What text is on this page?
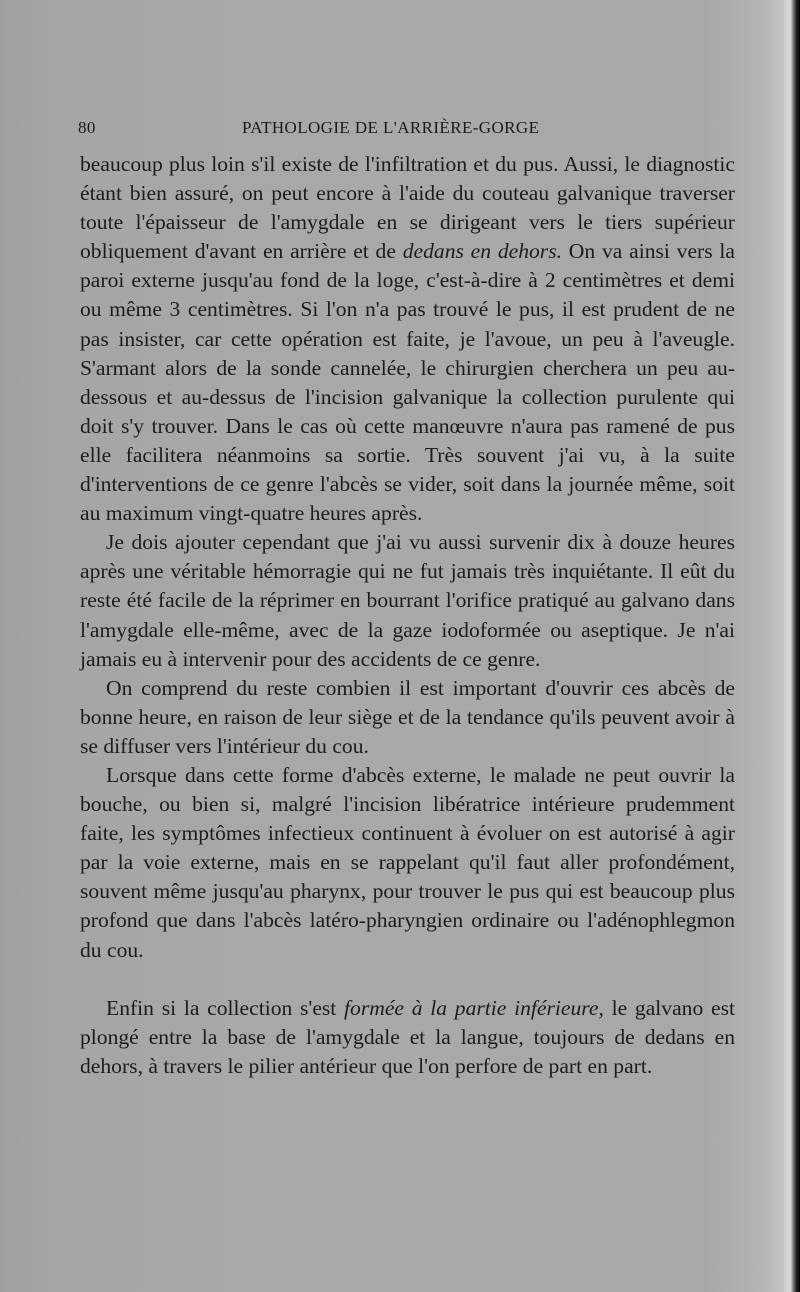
80	PATHOLOGIE DE L'ARRIÈRE-GORGE

beaucoup plus loin s'il existe de l'infiltration et du pus. Aussi, le diagnostic étant bien assuré, on peut encore à l'aide du couteau galvanique traverser toute l'épaisseur de l'amygdale en se dirigeant vers le tiers supérieur obliquement d'avant en arrière et de dedans en dehors. On va ainsi vers la paroi externe jusqu'au fond de la loge, c'est-à-dire à 2 centimètres et demi ou même 3 centimètres. Si l'on n'a pas trouvé le pus, il est prudent de ne pas insister, car cette opération est faite, je l'avoue, un peu à l'aveugle. S'armant alors de la sonde cannelée, le chirurgien cherchera un peu au-dessous et au-dessus de l'incision galvanique la collection purulente qui doit s'y trouver. Dans le cas où cette manœuvre n'aura pas ramené de pus elle facilitera néanmoins sa sortie. Très souvent j'ai vu, à la suite d'interventions de ce genre l'abcès se vider, soit dans la journée même, soit au maximum vingt-quatre heures après.

Je dois ajouter cependant que j'ai vu aussi survenir dix à douze heures après une véritable hémorragie qui ne fut jamais très inquiétante. Il eût du reste été facile de la réprimer en bourrant l'orifice pratiqué au galvano dans l'amygdale elle-même, avec de la gaze iodoformée ou aseptique. Je n'ai jamais eu à intervenir pour des accidents de ce genre.

On comprend du reste combien il est important d'ouvrir ces abcès de bonne heure, en raison de leur siège et de la tendance qu'ils peuvent avoir à se diffuser vers l'intérieur du cou.

Lorsque dans cette forme d'abcès externe, le malade ne peut ouvrir la bouche, ou bien si, malgré l'incision libératrice intérieure prudemment faite, les symptômes infectieux continuent à évoluer on est autorisé à agir par la voie externe, mais en se rappelant qu'il faut aller profondément, souvent même jusqu'au pharynx, pour trouver le pus qui est beaucoup plus profond que dans l'abcès latéro-pharyngien ordinaire ou l'adénophlegmon du cou.

Enfin si la collection s'est formée à la partie inférieure, le galvano est plongé entre la base de l'amygdale et la langue, toujours de dedans en dehors, à travers le pilier antérieur que l'on perfore de part en part.
